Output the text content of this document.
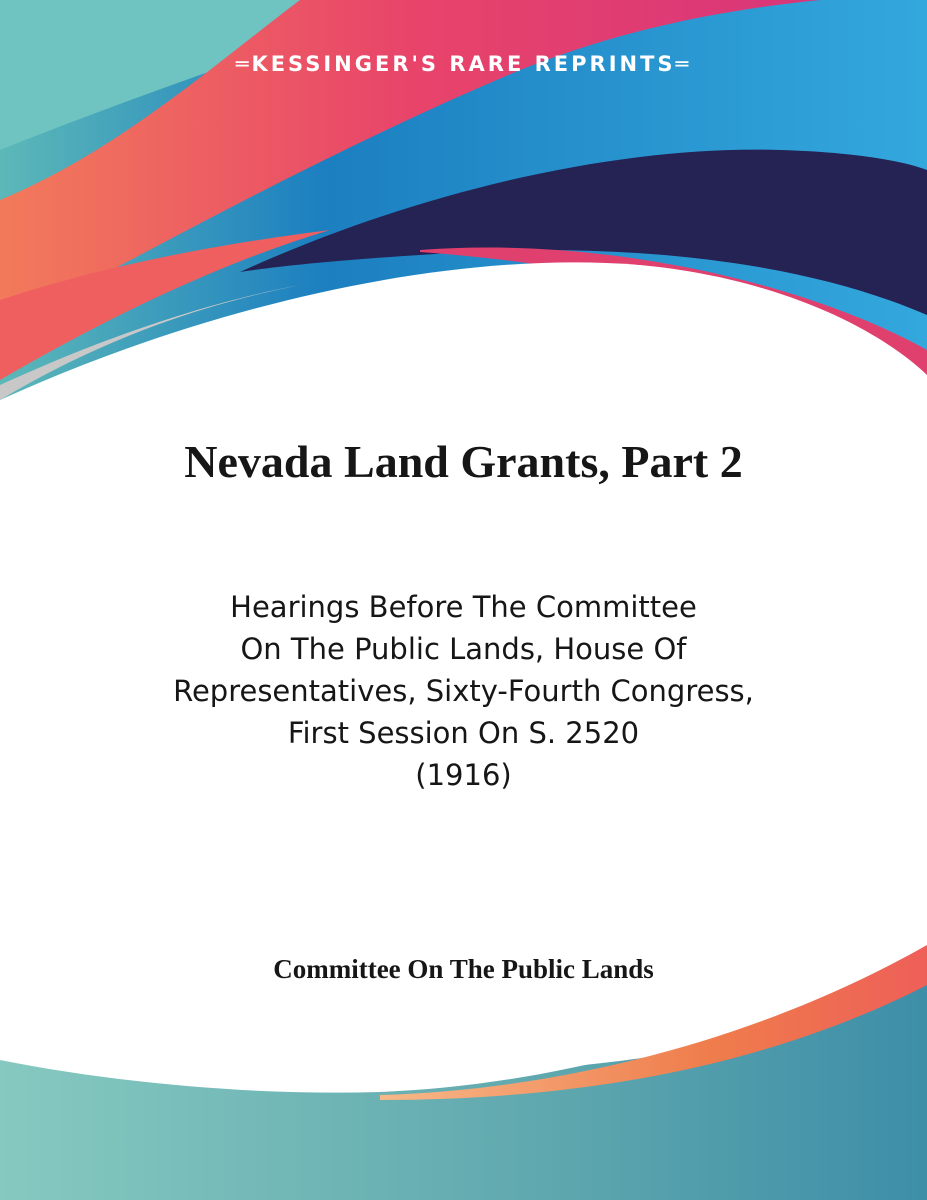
═KESSINGER'S RARE REPRINTS═
Nevada Land Grants, Part 2
Hearings Before The Committee
On The Public Lands, House Of
Representatives, Sixty-Fourth Congress,
First Session On S. 2520
(1916)
Committee On The Public Lands
